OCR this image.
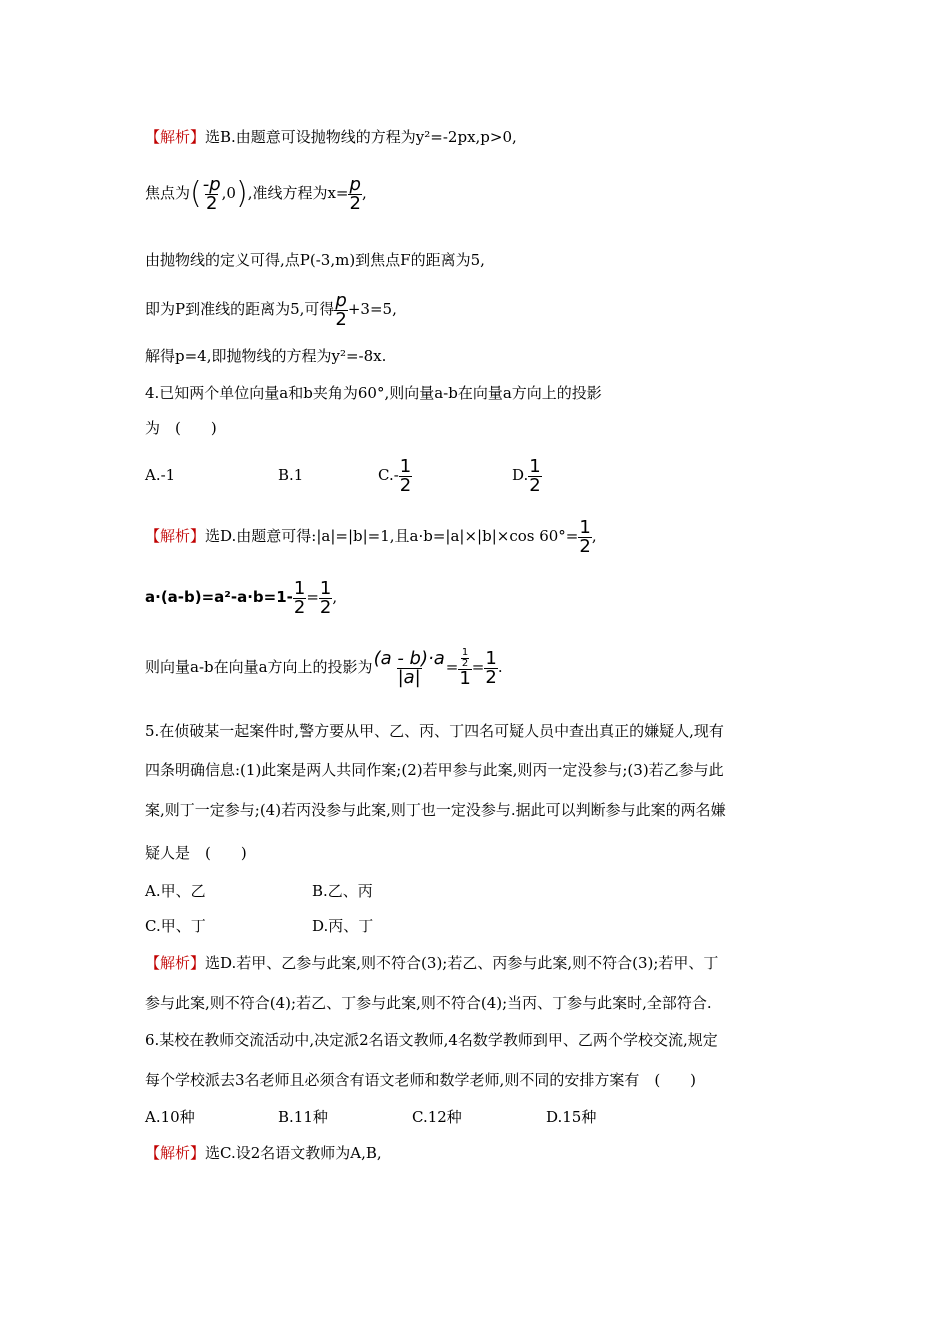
【解析】选B.由题意可设抛物线的方程为y²=-2px,p>0,
焦点为( $\frac{-p}{2} ,0$),准线方程为$x= \frac{p}{2}$ ,
由抛物线的定义可得,点P(-3,m)到焦点F的距离为5,
即为P到准线的距离为5,可得 $\frac{p}{2} +3=5$,
解得p=4,即抛物线的方程为y²=-8x.
4.已知两个单位向量a和b夹角为60°,则向量a-b在向量a方向上的投影
为　(　　)
A.-1	B.1	$C.- \frac{1}{2}$	D. $\frac{1}{2}$
【解析】选D.由题意可得:|a|=|b|=1,且a·b=|a|×|b|×cos $60^\circ= \frac{1}{2}$ ,
$a\cdot(a-b)=a^2-a\cdot b=1- \frac{1}{2} = \frac{1}{2}$ ,
则向量a-b在向量a方向上的投影为 $\frac{(a - b)\cdot a}{|a|} = \frac{\frac{1}{2}}{1} = \frac{1}{2}$ .
5.在侦破某一起案件时,警方要从甲、乙、丙、丁四名可疑人员中查出真正的嫌疑人,现有
四条明确信息:(1)此案是两人共同作案;(2)若甲参与此案,则丙一定没参与;(3)若乙参与此
案,则丁一定参与;(4)若丙没参与此案,则丁也一定没参与.据此可以判断参与此案的两名嫌
疑人是　(　　)
A.甲、乙	B.乙、丙
C.甲、丁	D.丙、丁
【解析】选D.若甲、乙参与此案,则不符合(3);若乙、丙参与此案,则不符合(3);若甲、丁
参与此案,则不符合(4);若乙、丁参与此案,则不符合(4);当丙、丁参与此案时,全部符合.
6.某校在教师交流活动中,决定派2名语文教师,4名数学教师到甲、乙两个学校交流,规定
每个学校派去3名老师且必须含有语文老师和数学老师,则不同的安排方案有　(　　)
A.10种	B.11种	C.12种	D.15种
【解析】选C.设2名语文教师为A,B,
